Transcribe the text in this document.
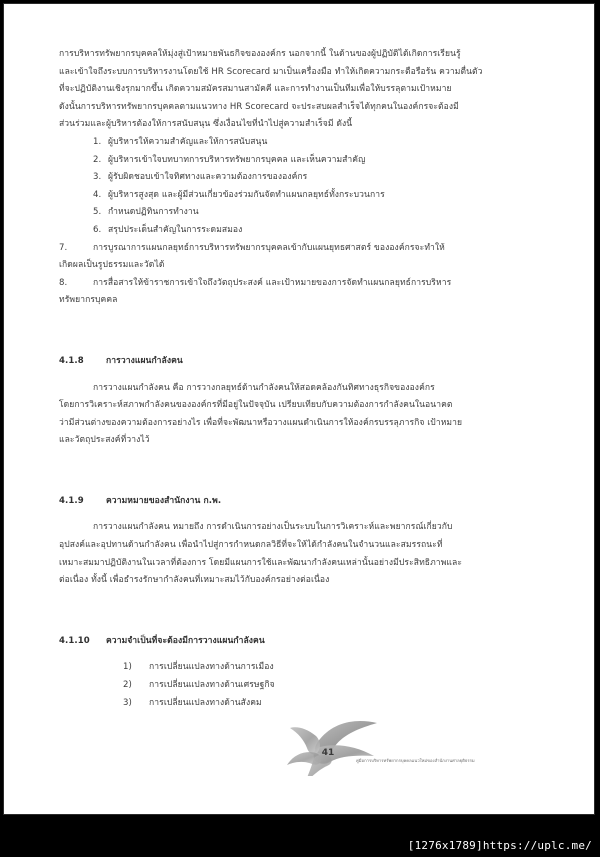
การบริหารทรัพยากรบุคคลให้มุ่งสู่เป้าหมายพันธกิจขององค์กร นอกจากนี้ ในด้านของผู้ปฏิบัติได้เกิดการเรียนรู้
และเข้าใจถึงระบบการบริหารงานโดยใช้ HR Scorecard มาเป็นเครื่องมือ ทำให้เกิดความกระตือรือร้น ความตื่นตัว
ที่จะปฏิบัติงานเชิงรุกมากขึ้น เกิดความสมัครสมานสามัคคี และการทำงานเป็นทีมเพื่อให้บรรลุตามเป้าหมาย
ดังนั้นการบริหารทรัพยากรบุคคลตามแนวทาง HR Scorecard จะประสบผลสำเร็จได้ทุกคนในองค์กรจะต้องมี
ส่วนร่วมและผู้บริหารต้องให้การสนับสนุน ซึ่งเงื่อนไขที่นำไปสู่ความสำเร็จมี ดังนี้
1. ผู้บริหารให้ความสำคัญและให้การสนับสนุน
2. ผู้บริหารเข้าใจบทบาทการบริหารทรัพยากรบุคคล และเห็นความสำคัญ
3. ผู้รับผิดชอบเข้าใจทิศทางและความต้องการขององค์กร
4. ผู้บริหารสูงสุด และผู้มีส่วนเกี่ยวข้องร่วมกันจัดทำแผนกลยุทธ์ทั้งกระบวนการ
5. กำหนดปฏิทินการทำงาน
6. สรุปประเด็นสำคัญในการระดมสมอง
7.	การบูรณาการแผนกลยุทธ์การบริหารทรัพยากรบุคคลเข้ากับแผนยุทธศาสตร์ ขององค์กรจะทำให้
เกิดผลเป็นรูปธรรมและวัดได้
8.	การสื่อสารให้ข้าราชการเข้าใจถึงวัตถุประสงค์ และเป้าหมายของการจัดทำแผนกลยุทธ์การบริหาร
ทรัพยากรบุคคล
4.1.8	การวางแผนกำลังคน
การวางแผนกำลังคน คือ การวางกลยุทธ์ด้านกำลังคนให้สอดคล้องกันทิศทางธุรกิจขององค์กร
โดยการวิเคราะห์สภาพกำลังคนขององค์กรที่มีอยู่ในปัจจุบัน เปรียบเทียบกับความต้องการกำลังคนในอนาคต
ว่ามีส่วนต่างของความต้องการอย่างไร เพื่อที่จะพัฒนาหรือวางแผนดำเนินการให้องค์กรบรรลุภารกิจ เป้าหมาย
และวัตถุประสงค์ที่วางไว้
4.1.9	ความหมายของสำนักงาน ก.พ.
การวางแผนกำลังคน หมายถึง การดำเนินการอย่างเป็นระบบในการวิเคราะห์และพยากรณ์เกี่ยวกับ
อุปสงค์และอุปทานด้านกำลังคน เพื่อนำไปสู่การกำหนดกลวิธีที่จะให้ได้กำลังคนในจำนวนและสมรรถนะที่
เหมาะสมมาปฏิบัติงานในเวลาที่ต้องการ โดยมีแผนการใช้และพัฒนากำลังคนเหล่านั้นอย่างมีประสิทธิภาพและ
ต่อเนื่อง ทั้งนี้ เพื่อธำรงรักษากำลังคนที่เหมาะสมไว้กับองค์กรอย่างต่อเนื่อง
4.1.10	ความจำเป็นที่จะต้องมีการวางแผนกำลังคน
1) การเปลี่ยนแปลงทางด้านการเมือง
2) การเปลี่ยนแปลงทางด้านเศรษฐกิจ
3) การเปลี่ยนแปลงทางด้านสังคม
41
คู่มือการบริหารทรัพยากรบุคคลแนวใหม่ของสำนักงานศาลยุติธรรม
[1276x1789]https://uplc.me/
